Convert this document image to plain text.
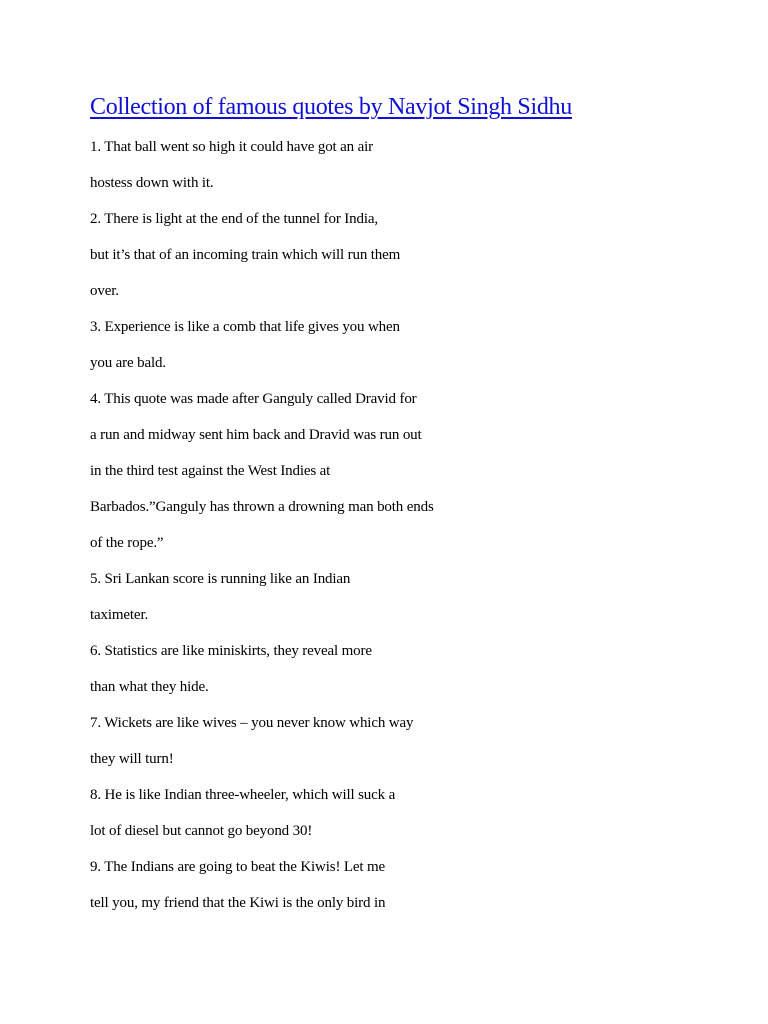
Collection of famous quotes by Navjot Singh Sidhu
1. That ball went so high it could have got an air
hostess down with it.
2. There is light at the end of the tunnel for India,
but it’s that of an incoming train which will run them
over.
3. Experience is like a comb that life gives you when
you are bald.
4. This quote was made after Ganguly called Dravid for
a run and midway sent him back and Dravid was run out
in the third test against the West Indies at
Barbados.”Ganguly has thrown a drowning man both ends
of the rope.”
5. Sri Lankan score is running like an Indian
taximeter.
6. Statistics are like miniskirts, they reveal more
than what they hide.
7. Wickets are like wives – you never know which way
they will turn!
8. He is like Indian three-wheeler, which will suck a
lot of diesel but cannot go beyond 30!
9. The Indians are going to beat the Kiwis! Let me
tell you, my friend that the Kiwi is the only bird in
